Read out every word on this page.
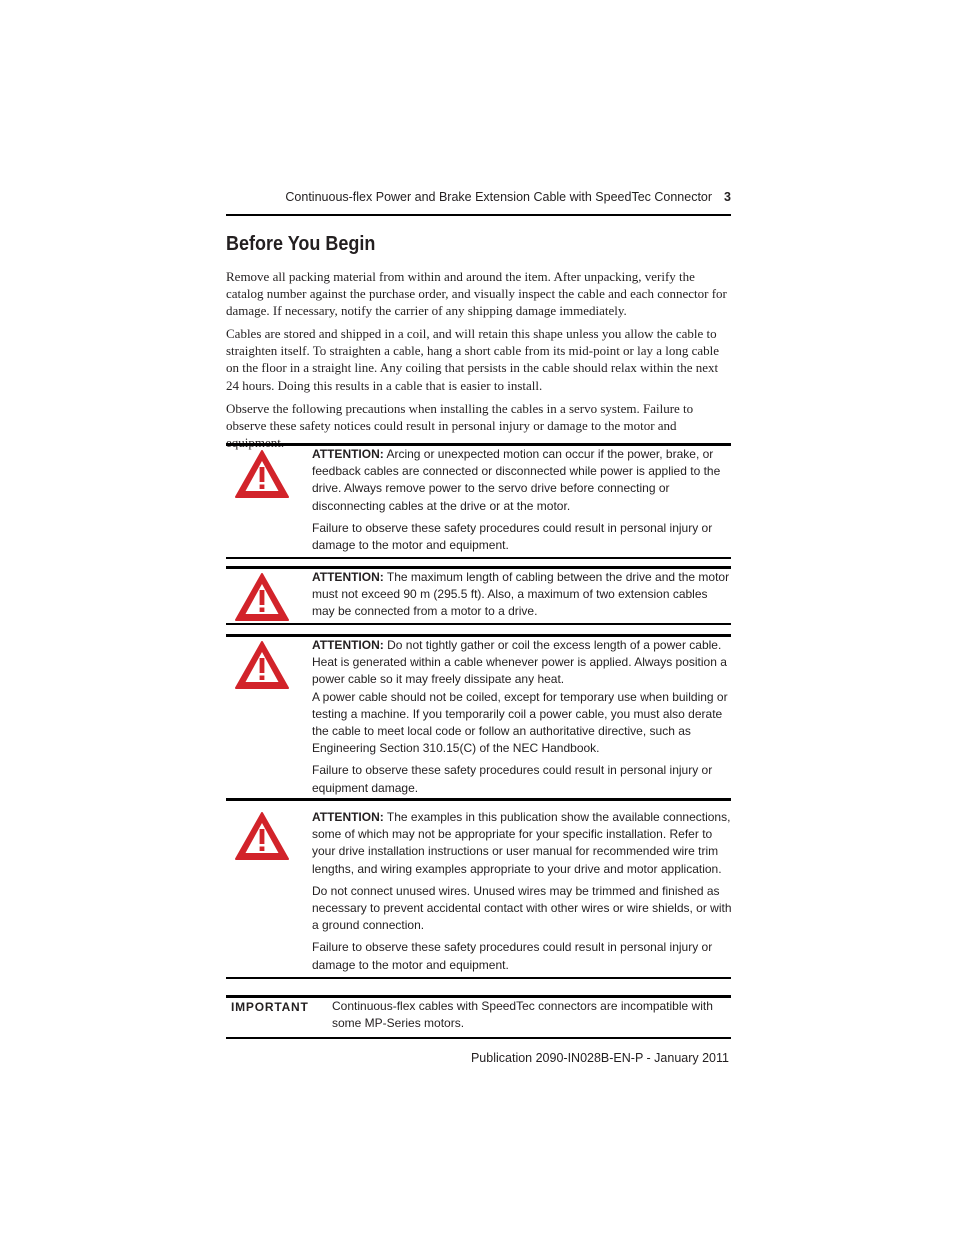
Continuous-flex Power and Brake Extension Cable with SpeedTec Connector 3
Before You Begin

Remove all packing material from within and around the item. After unpacking, verify the catalog number against the purchase order, and visually inspect the cable and each connector for damage. If necessary, notify the carrier of any shipping damage immediately.

Cables are stored and shipped in a coil, and will retain this shape unless you allow the cable to straighten itself. To straighten a cable, hang a short cable from its mid-point or lay a long cable on the floor in a straight line. Any coiling that persists in the cable should relax within the next 24 hours. Doing this results in a cable that is easier to install.

Observe the following precautions when installing the cables in a servo system. Failure to observe these safety notices could result in personal injury or damage to the motor and

ATTENTION: Arcing or unexpected motion can occur if the power, brake, or feedback cables are connected or disconnected while power is applied to the drive. Always remove power to the servo drive before connecting or disconnecting cables at the drive or at the motor.

Failure to observe these safety procedures could result in personal injury or damage to the motor and equipment.

ATTENTION: The maximum length of cabling between the drive and the motor must not exceed 90 m (295.5 ft). Also, a maximum of two extension cables may be connected from a motor to a drive.

ATTENTION: Do not tightly gather or coil the excess length of a power cable. Heat is generated within a cable whenever power is applied. Always position a power cable so it may freely dissipate any heat.

A power cable should not be coiled, except for temporary use when building or testing a machine. If you temporarily coil a power cable, you must also derate the cable to meet local code or follow an authoritative directive, such as Engineering Section 310.15(C) of the NEC Handbook.

Failure to observe these safety procedures could result in personal injury or equipment damage.

ATTENTION: The examples in this publication show the available connections, some of which may not be appropriate for your specific installation. Refer to your drive installation instructions or user manual for recommended wire trim lengths, and wiring examples appropriate to your drive and motor application.

Do not connect unused wires. Unused wires may be trimmed and finished as necessary to prevent accidental contact with other wires or wire shields, or with a ground connection.

Failure to observe these safety procedures could result in personal injury or damage to the motor and equipment.

IMPORTANT Continuous-flex cables with SpeedTec connectors are incompatible with some MP-Series motors.
Publication 2090-IN028B-EN-P - January 2011
